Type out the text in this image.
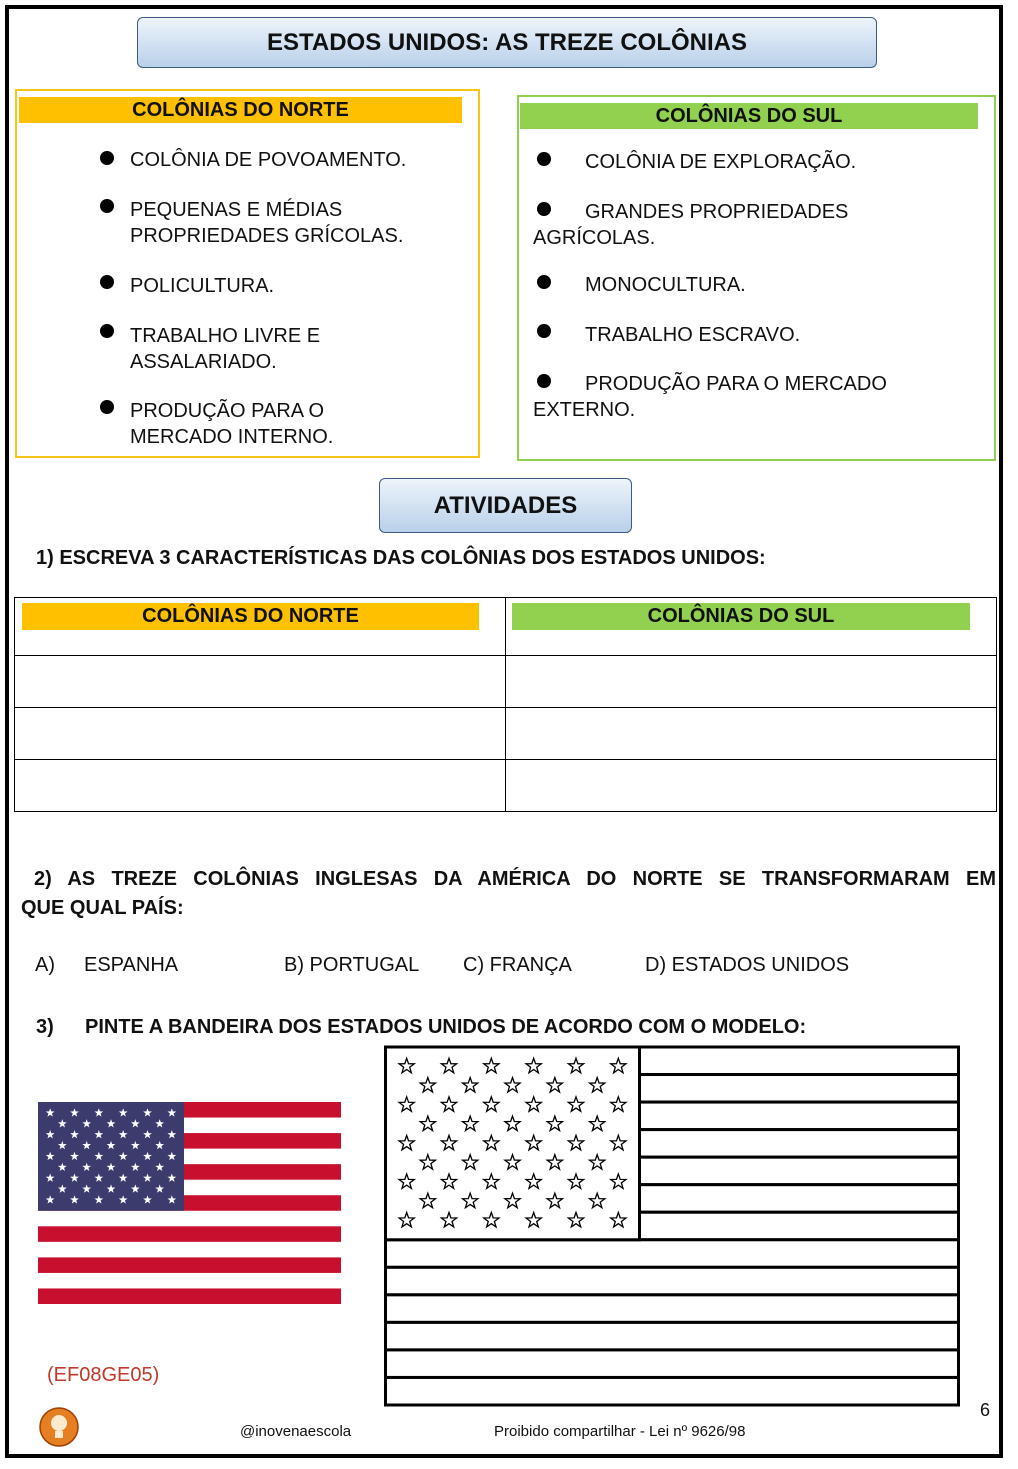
ESTADOS UNIDOS: AS TREZE COLÔNIAS
COLÔNIAS DO NORTE
COLÔNIA DE POVOAMENTO.
PEQUENAS E MÉDIAS
PROPRIEDADES GRÍCOLAS.
POLICULTURA.
TRABALHO LIVRE E
ASSALARIADO.
PRODUÇÃO PARA O
MERCADO INTERNO.
COLÔNIAS DO SUL
COLÔNIA DE EXPLORAÇÃO.
GRANDES PROPRIEDADES
AGRÍCOLAS.
MONOCULTURA.
TRABALHO ESCRAVO.
PRODUÇÃO PARA O MERCADO
EXTERNO.
ATIVIDADES
1) ESCREVA 3 CARACTERÍSTICAS DAS COLÔNIAS DOS ESTADOS UNIDOS:
COLÔNIAS DO NORTE	COLÔNIAS DO SUL

2) AS TREZE COLÔNIAS INGLESAS DA AMÉRICA DO NORTE SE TRANSFORMARAM EM
QUE QUAL PAÍS:
A) ESPANHA	B) PORTUGAL C) FRANÇA	D) ESTADOS UNIDOS
3) PINTE A BANDEIRA DOS ESTADOS UNIDOS DE ACORDO COM O MODELO:
(EF08GE05)
@inovenaescola	Proibido compartilhar - Lei nº 9626/98
6
